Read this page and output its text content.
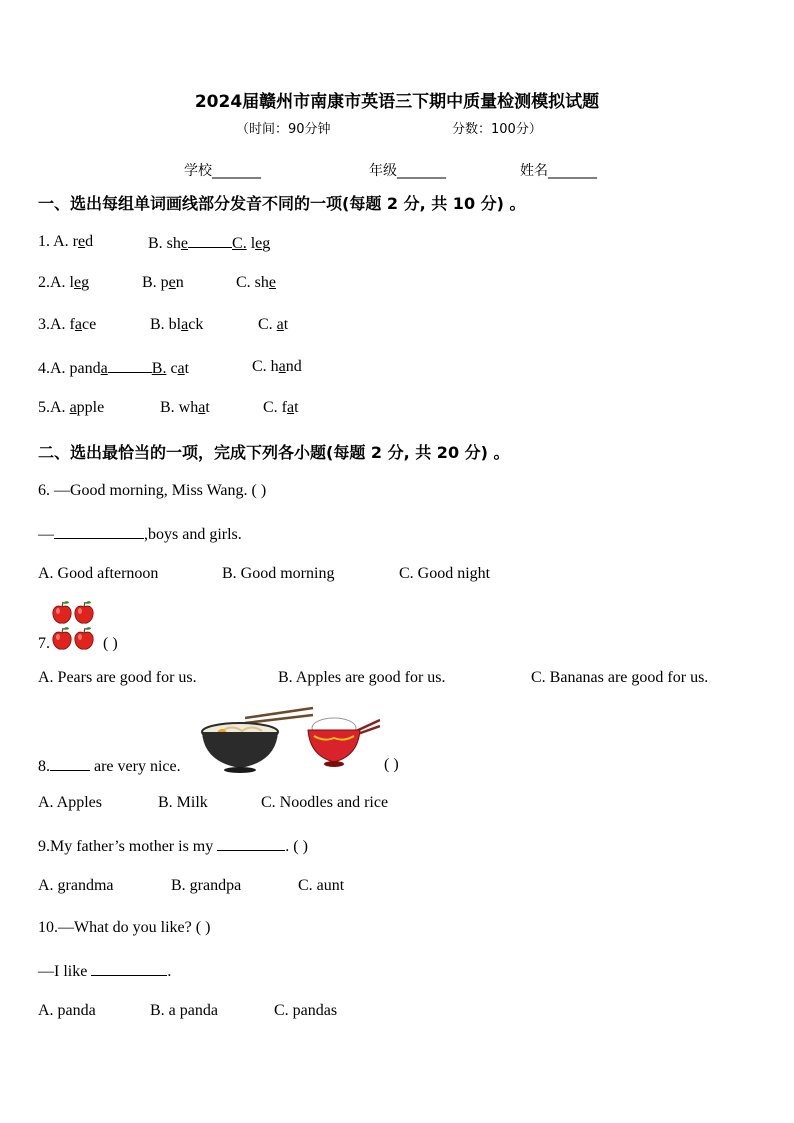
2024届赣州市南康市英语三下期中质量检测模拟试题
（时间：90分钟	分数：100分）
学校_______	年级_______	姓名_______
一、选出每组单词画线部分发音不同的一项(每题 2 分, 共 10 分) 。
1. A. red	B. she	C. leg
2.A. leg	B. pen	C. she
3.A. face	B. black	C. at
4.A. panda	B. cat	C. hand
5.A. apple	B. what	C. fat
二、选出最恰当的一项，完成下列各小题(每题 2 分, 共 20 分) 。
6. —Good morning, Miss Wang. ( )
—	,boys and girls.
A. Good afternoon	B. Good morning	C. Good night
7.	( )
A. Pears are good for us.	B. Apples are good for us.	C. Bananas are good for us.
8.	are very nice.	( )
A. Apples	B. Milk	C. Noodles and rice
9.My father’s mother is my	. ( )
A. grandma	B. grandpa	C. aunt
10.—What do you like? ( )
—I like	.
A. panda	B. a panda	C. pandas
